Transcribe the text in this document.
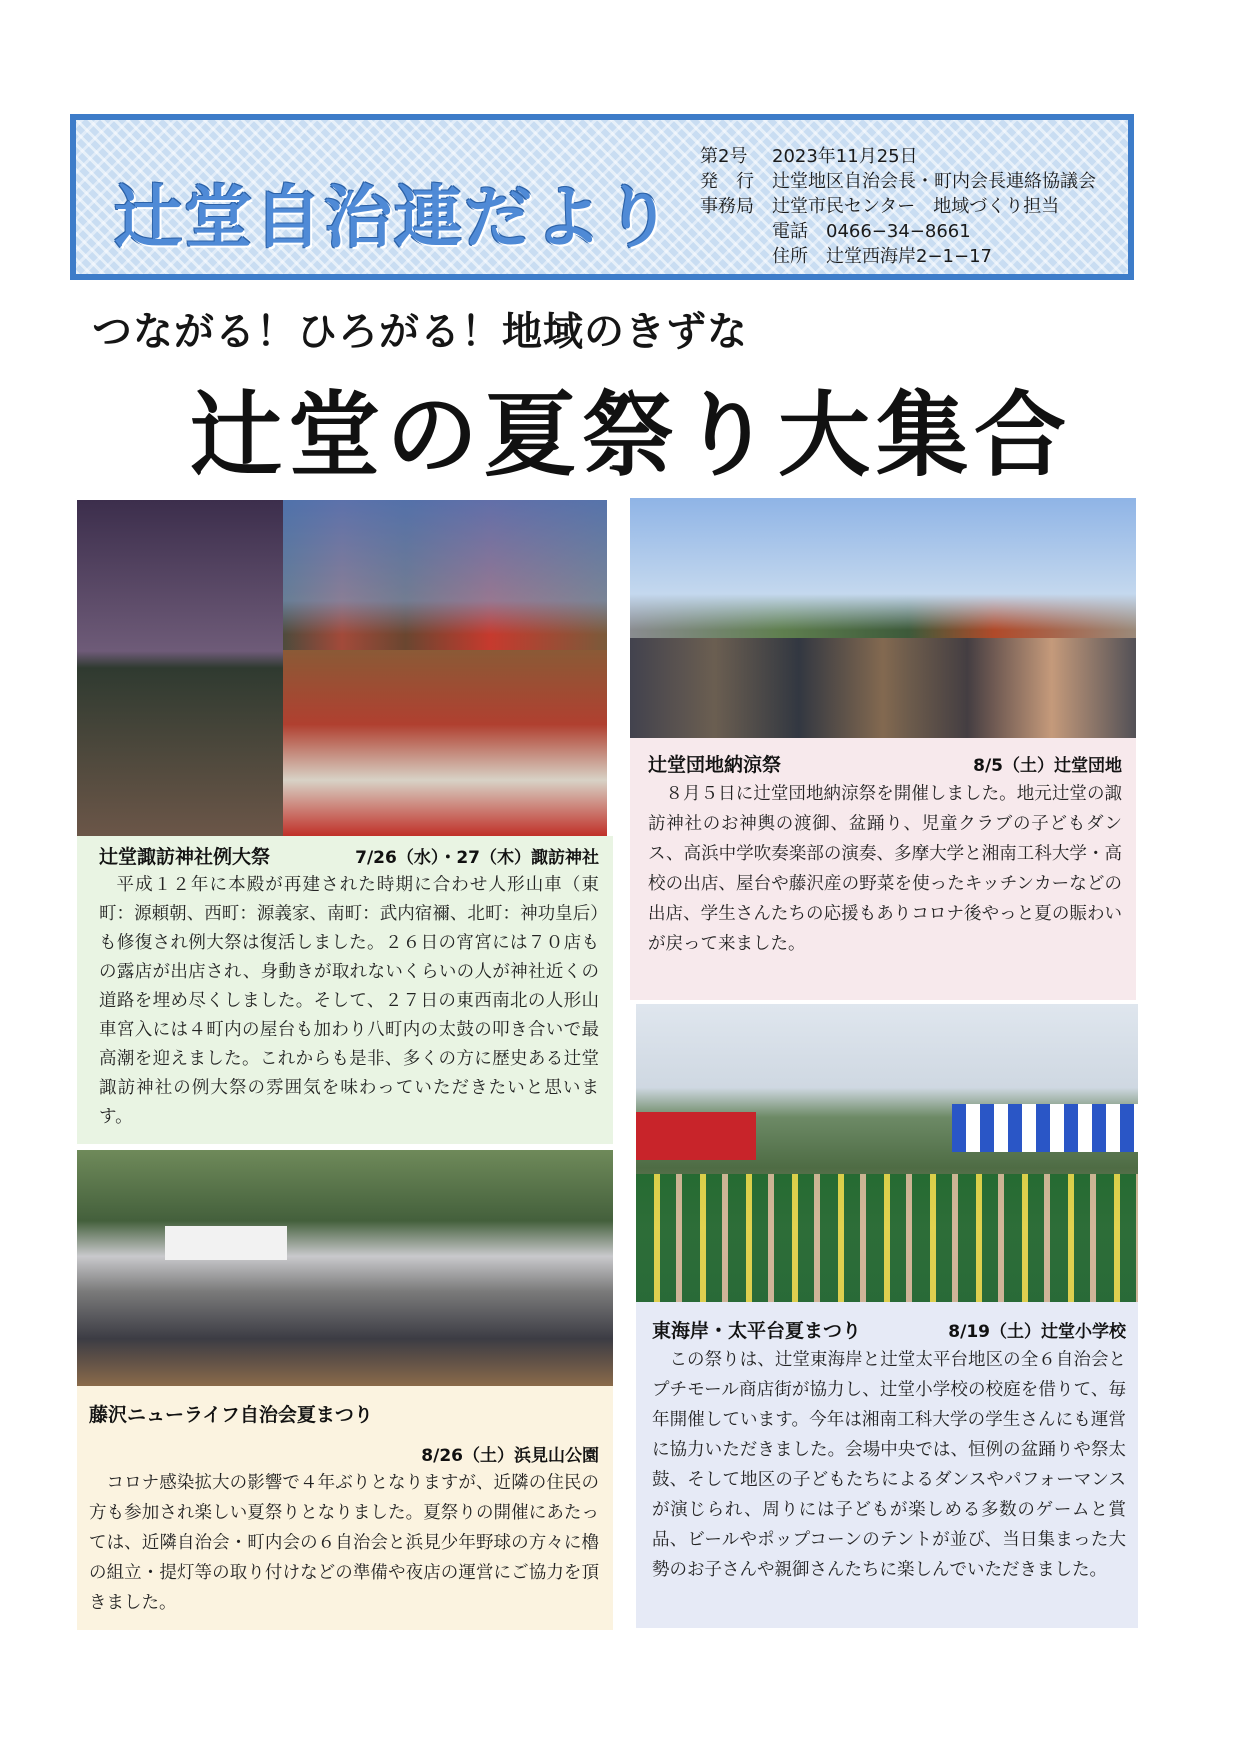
辻堂自治連だより
第2号	2023年11月25日
発　行	辻堂地区自治会長・町内会長連絡協議会
事務局	辻堂市民センター　地域づくり担当
電話　0466−34−8661
住所　辻堂西海岸2−1−17
つながる！ひろがる！地域のきずな
辻堂の夏祭り大集合
辻堂諏訪神社例大祭	7/26（水）・27（木）諏訪神社
平成１２年に本殿が再建された時期に合わせ人形山車（東町：源頼朝、西町：源義家、南町：武内宿禰、北町：神功皇后）も修復され例大祭は復活しました。２６日の宵宮には７０店もの露店が出店され、身動きが取れないくらいの人が神社近くの道路を埋め尽くしました。そして、２７日の東西南北の人形山車宮入には４町内の屋台も加わり八町内の太鼓の叩き合いで最高潮を迎えました。これからも是非、多くの方に歴史ある辻堂諏訪神社の例大祭の雰囲気を味わっていただきたいと思います。
辻堂団地納涼祭	8/5（土）辻堂団地
８月５日に辻堂団地納涼祭を開催しました。地元辻堂の諏訪神社のお神輿の渡御、盆踊り、児童クラブの子どもダンス、高浜中学吹奏楽部の演奏、多摩大学と湘南工科大学・高校の出店、屋台や藤沢産の野菜を使ったキッチンカーなどの出店、学生さんたちの応援もありコロナ後やっと夏の賑わいが戻って来ました。
藤沢ニューライフ自治会夏まつり
8/26（土）浜見山公園
コロナ感染拡大の影響で４年ぶりとなりますが、近隣の住民の方も参加され楽しい夏祭りとなりました。夏祭りの開催にあたっては、近隣自治会・町内会の６自治会と浜見少年野球の方々に櫓の組立・提灯等の取り付けなどの準備や夜店の運営にご協力を頂きました。
東海岸・太平台夏まつり	8/19（土）辻堂小学校
この祭りは、辻堂東海岸と辻堂太平台地区の全６自治会とプチモール商店街が協力し、辻堂小学校の校庭を借りて、毎年開催しています。今年は湘南工科大学の学生さんにも運営に協力いただきました。会場中央では、恒例の盆踊りや祭太鼓、そして地区の子どもたちによるダンスやパフォーマンスが演じられ、周りには子どもが楽しめる多数のゲームと賞品、ビールやポップコーンのテントが並び、当日集まった大勢のお子さんや親御さんたちに楽しんでいただきました。
